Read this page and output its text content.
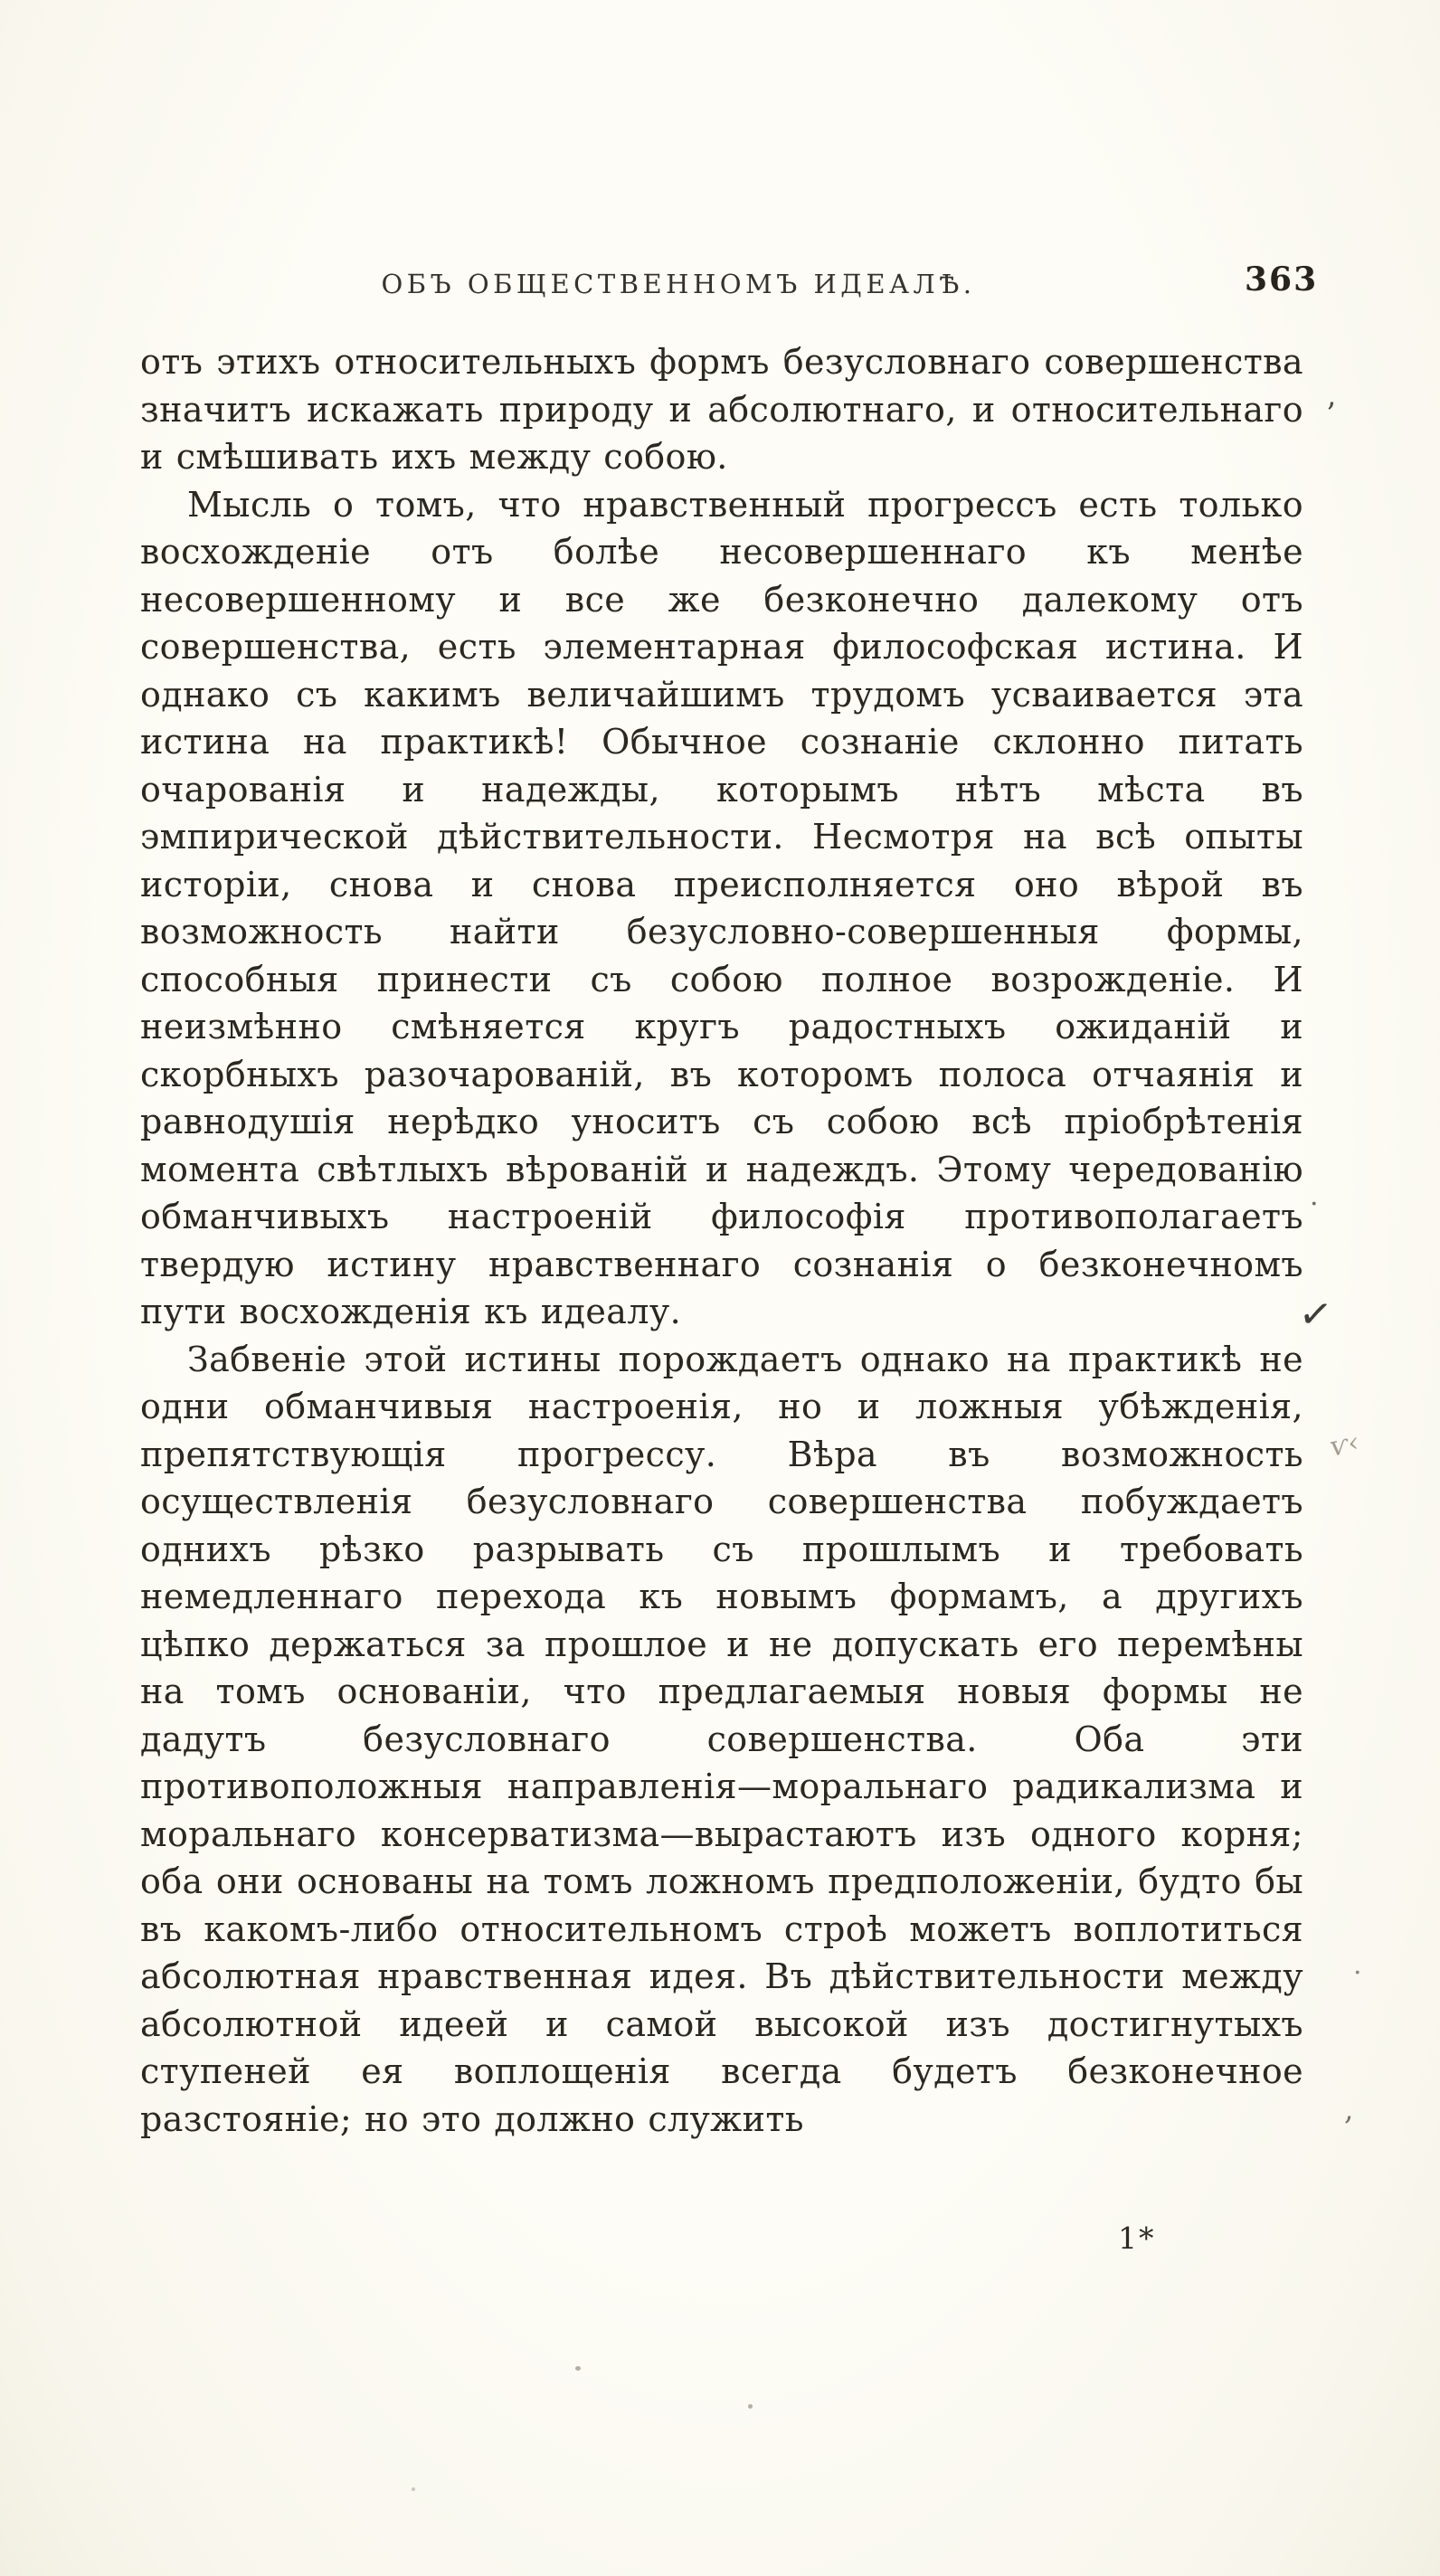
ОБЪ ОБЩЕСТВЕННОМЪ ИДЕАЛѢ.	363

отъ этихъ относительныхъ формъ безусловнаго совершенства значитъ искажать природу и абсолютнаго, и относительнаго и смѣшивать ихъ между собою.

Мысль о томъ, что нравственный прогрессъ есть только восхожденіе отъ болѣе несовершеннаго къ менѣе несовершенному и все же безконечно далекому отъ совершенства, есть элементарная философская истина. И однако съ какимъ величайшимъ трудомъ усваивается эта истина на практикѣ! Обычное сознаніе склонно питать очарованія и надежды, которымъ нѣтъ мѣста въ эмпирической дѣйствительности. Несмотря на всѣ опыты исторіи, снова и снова преисполняется оно вѣрой въ возможность найти безусловно-совершенныя формы, способныя принести съ собою полное возрожденіе. И неизмѣнно смѣняется кругъ радостныхъ ожиданій и скорбныхъ разочарованій, въ которомъ полоса отчаянія и равнодушія нерѣдко уноситъ съ собою всѣ пріобрѣтенія момента свѣтлыхъ вѣрованій и надеждъ. Этому чередованію обманчивыхъ настроеній философія противополагаетъ твердую истину нравственнаго сознанія о безконечномъ пути восхожденія къ идеалу.

Забвеніе этой истины порождаетъ однако на практикѣ не одни обманчивыя настроенія, но и ложныя убѣжденія, препятствующія прогрессу. Вѣра въ возможность осуществленія безусловнаго совершенства побуждаетъ однихъ рѣзко разрывать съ прошлымъ и требовать немедленнаго перехода къ новымъ формамъ, а другихъ цѣпко держаться за прошлое и не допускать его перемѣны на томъ основаніи, что предлагаемыя новыя формы не дадутъ безусловнаго совершенства. Оба эти противоположныя направленія—моральнаго радикализма и моральнаго консерватизма—вырастаютъ изъ одного корня; оба они основаны на томъ ложномъ предположеніи, будто бы въ какомъ-либо относительномъ строѣ можетъ воплотиться абсолютная нравственная идея. Въ дѣйствительности между абсолютной идеей и самой высокой изъ достигнутыхъ ступеней ея воплощенія всегда будетъ безконечное разстояніе; но это должно служить

1*
’
·
✓
ѵ‹
·
,
